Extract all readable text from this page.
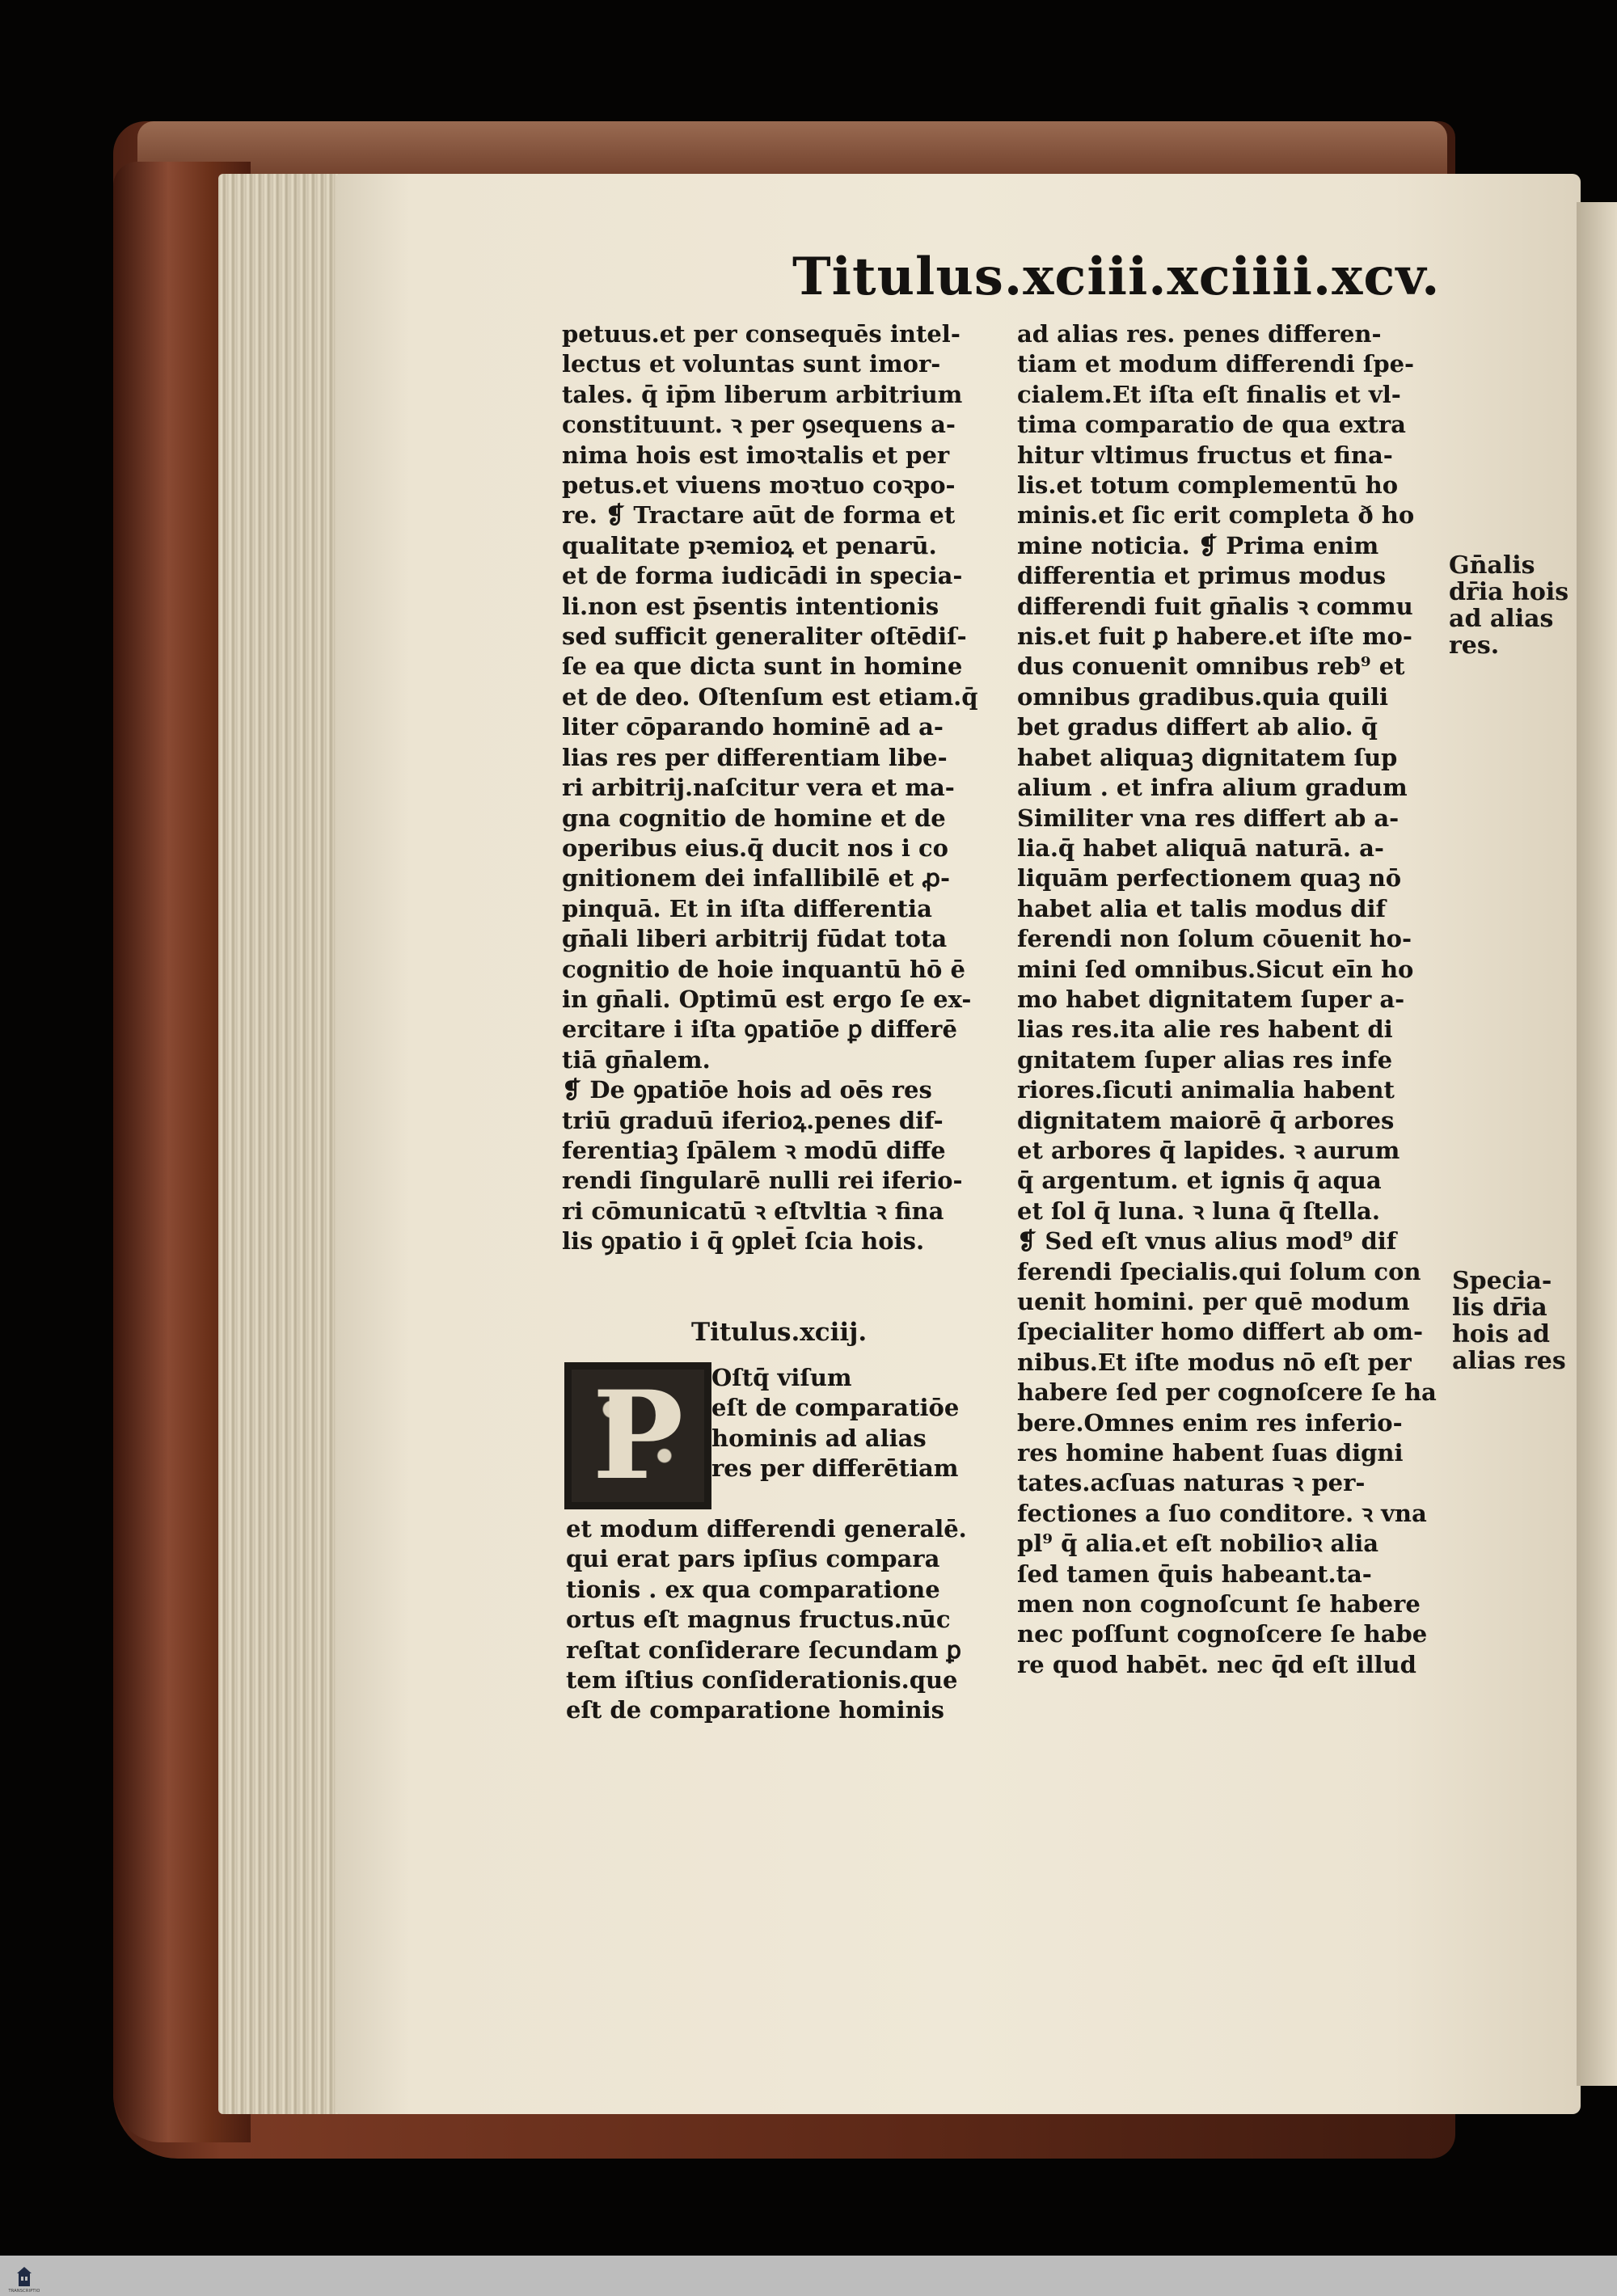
Titulus.xciii.xciiii.xcv.
petuus.et per consequēs intel-
lectus et voluntas sunt imor-
tales. q̄ ip̄m liberum arbitrium
constituunt. ꝛ per ꝯsequens a-
nima hois est imoꝛtalis et per
petus.et viuens moꝛtuo coꝛpo-
re. ❡ Tractare aūt de forma et
qualitate pꝛemioꝝ et penarū.
et de forma iudicādi in specia-
li.non est p̄sentis intentionis
sed sufficit generaliter oſtēdiſ-
ſe ea que dicta sunt in homine
et de deo. Oſtenſum est etiam.q̄
liter cōparando hominē ad a-
lias res per differentiam libe-
ri arbitrij.naſcitur vera et ma-
gna cognitio de homine et de
operibus eius.q̄ ducit nos i co
gnitionem dei infallibilē et ꝓ-
pinquā. Et in iſta differentia
gn̄ali liberi arbitrij fūdat tota
cognitio de hoie inquantū hō ē
in gn̄ali. Optimū est ergo ſe ex-
ercitare i iſta ꝯpatiōe ꝑ differē
tiā gn̄alem.
❡ De ꝯpatiōe hois ad oēs res
triū graduū iferioꝝ.penes dif-
ferentiaꝫ ſpālem ꝛ modū diffe
rendi ſingularē nulli rei iferio-
ri cōmunicatū ꝛ eſtvltia ꝛ fina
lis ꝯpatio i q̄ ꝯplet̄ ſcia hois.
Titulus.xciij.
P	Oſtq̄ viſum
eſt de comparatiōe
hominis ad alias
res per differētiam
et modum differendi generalē.
qui erat pars ipſius compara
tionis . ex qua comparatione
ortus eſt magnus fructus.nūc
reſtat conſiderare ſecundam ꝑ
tem iſtius conſiderationis.que
eſt de comparatione hominis
ad alias res. penes differen-
tiam et modum differendi ſpe-
cialem.Et iſta eſt finalis et vl-
tima comparatio de qua extra
hitur vltimus fructus et fina-
lis.et totum complementū ho
minis.et ſic erit completa ð ho
mine noticia. ❡ Prima enim
differentia et primus modus
differendi fuit gn̄alis ꝛ commu
nis.et fuit ꝑ habere.et iſte mo-
dus conuenit omnibus reb⁹ et
omnibus gradibus.quia quili
bet gradus differt ab alio. q̄
habet aliquaꝫ dignitatem ſup
alium . et infra alium gradum
Similiter vna res differt ab a-
lia.q̄ habet aliquā naturā. a-
liquām perfectionem quaꝫ nō
habet alia et talis modus dif
ferendi non ſolum cōuenit ho-
mini ſed omnibus.Sicut eīn ho
mo habet dignitatem ſuper a-
lias res.ita alie res habent di
gnitatem ſuper alias res infe
riores.ſicuti animalia habent
dignitatem maiorē q̄ arbores
et arbores q̄ lapides. ꝛ aurum
q̄ argentum. et ignis q̄ aqua
et ſol q̄ luna. ꝛ luna q̄ ſtella.
❡ Sed eſt vnus alius mod⁹ dif
ferendi ſpecialis.qui ſolum con
uenit homini. per quē modum
ſpecialiter homo differt ab om-
nibus.Et iſte modus nō eſt per
habere ſed per cognoſcere ſe ha
bere.Omnes enim res inferio-
res homine habent ſuas digni
tates.acſuas naturas ꝛ per-
fectiones a ſuo conditore. ꝛ vna
pl⁹ q̄ alia.et eſt nobilioꝛ alia
ſed tamen q̄uis habeant.ta-
men non cognoſcunt ſe habere
nec poſſunt cognoſcere ſe habe
re quod habēt. nec q̄d eſt illud
Gn̄alis
dr̄ia hois
ad alias
res.
Specia-
lis dr̄ia
hois ad
alias res
TRANSCRIPTIO
